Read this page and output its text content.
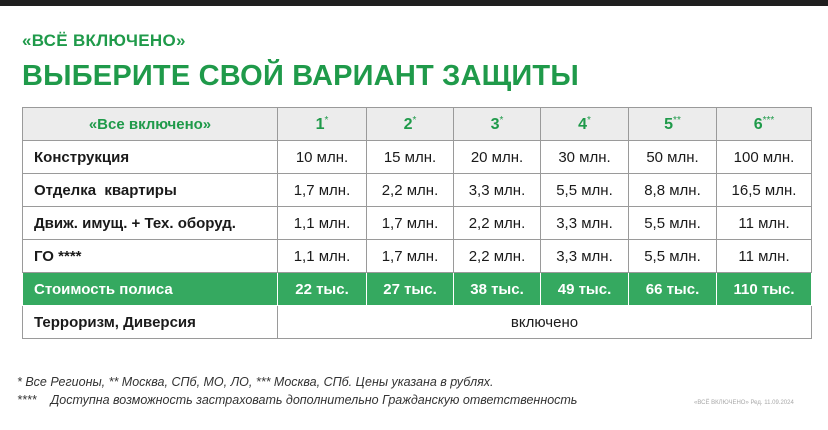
«ВСЁ ВКЛЮЧЕНО»
ВЫБЕРИТЕ СВОЙ ВАРИАНТ ЗАЩИТЫ
«Все включено»	1*	2*	3*	4*	5**	6***
Конструкция	10 млн.	15 млн.	20 млн.	30 млн.	50 млн.	100 млн.
Отделка  квартиры	1,7 млн.	2,2 млн.	3,3 млн.	5,5 млн.	8,8 млн.	16,5 млн.
Движ. имущ. + Тех. оборуд.	1,1 млн.	1,7 млн.	2,2 млн.	3,3 млн.	5,5 млн.	11 млн.
ГО ****	1,1 млн.	1,7 млн.	2,2 млн.	3,3 млн.	5,5 млн.	11 млн.
Стоимость полиса	22 тыс.	27 тыс.	38 тыс.	49 тыс.	66 тыс.	110 тыс.
Терроризм, Диверсия	включено					
* Все Регионы, ** Москва, СПб, МО, ЛО, *** Москва, СПб. Цены указана в рублях.
**** Доступна возможность застраховать дополнительно Гражданскую ответственность	«ВСЁ ВКЛЮЧЕНО» Ред. 11.09.2024
